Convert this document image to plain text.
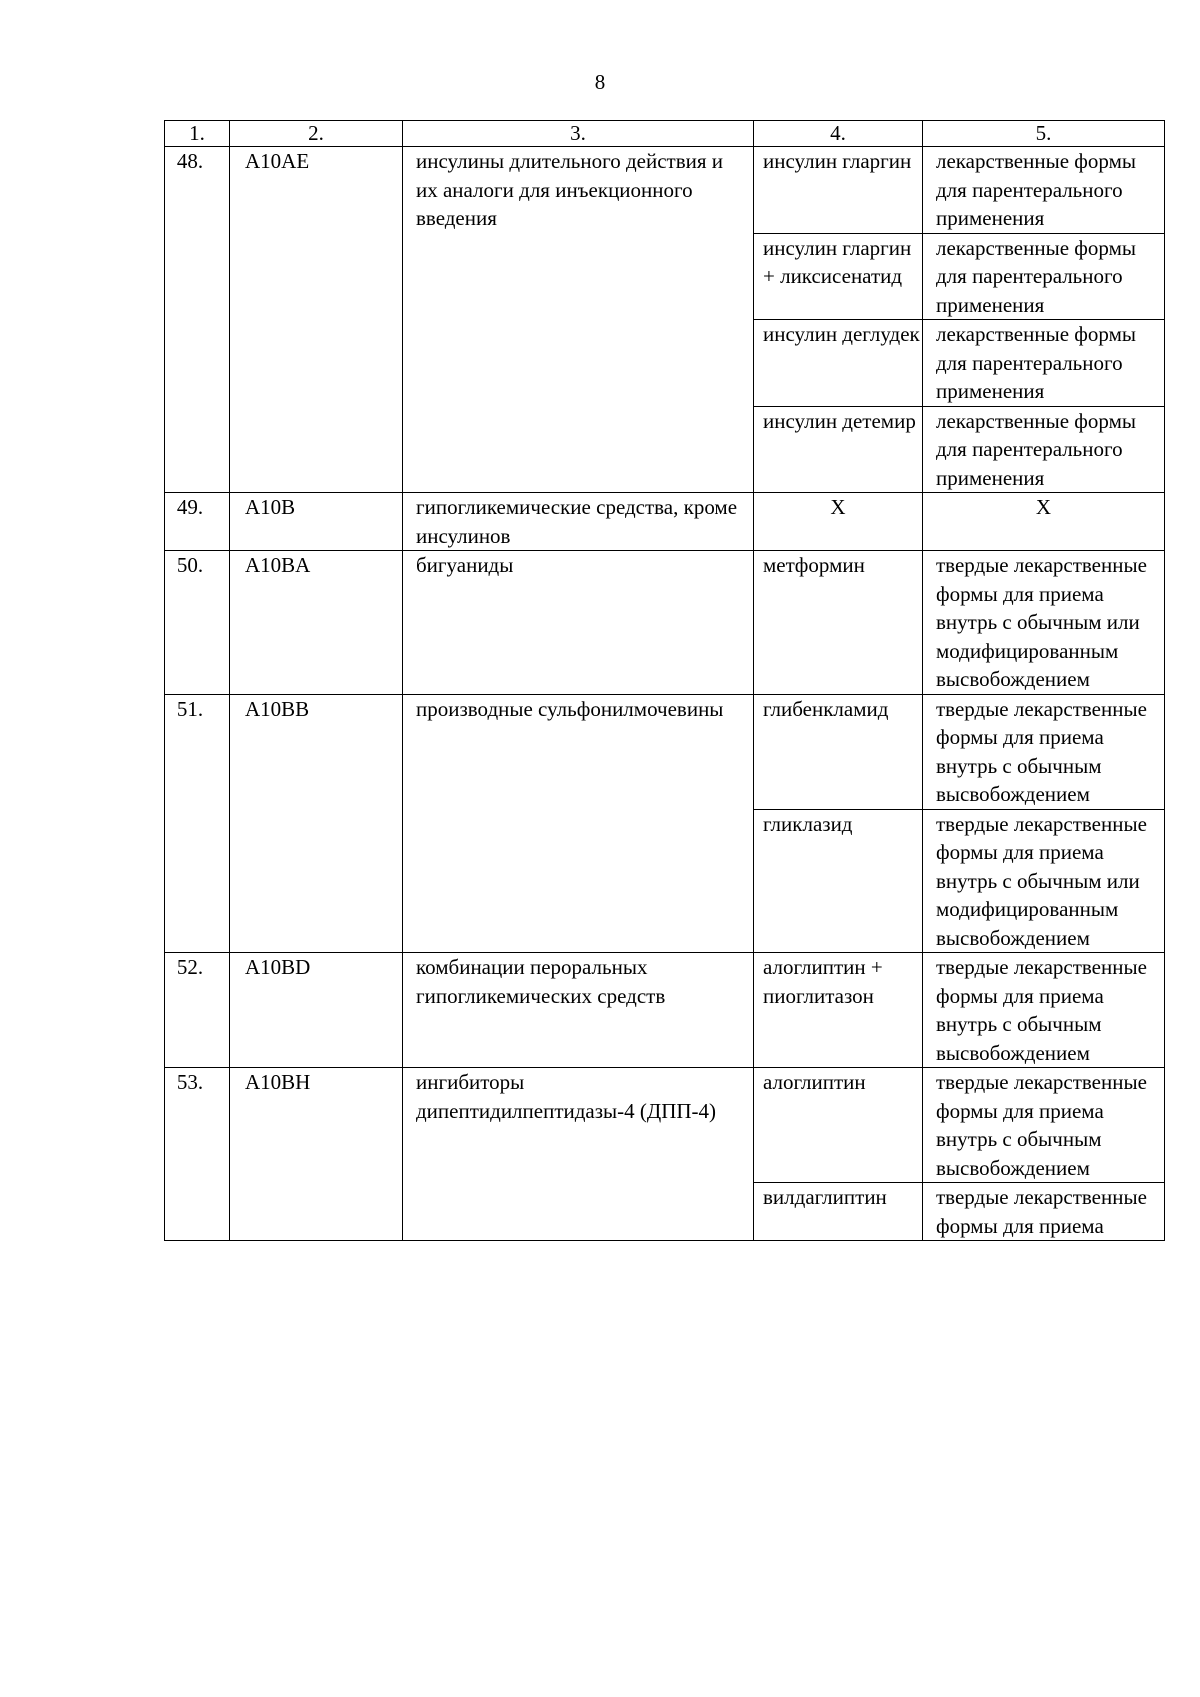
8
1.	2.	3.	4.	5.
48.	A10AE	инсулины длительного действия и их аналоги для инъекционного введения	инсулин гларгин	лекарственные формы для парентерального применения
			инсулин гларгин + ликсисенатид	лекарственные формы для парентерального применения
			инсулин деглудек	лекарственные формы для парентерального применения
			инсулин детемир	лекарственные формы для парентерального применения
49.	A10B	гипогликемические средства, кроме инсулинов	X	X
50.	A10BA	бигуаниды	метформин	твердые лекарственные формы для приема внутрь с обычным или модифицированным высвобождением
51.	A10BB	производные сульфонилмочевины	глибенкламид	твердые лекарственные формы для приема внутрь с обычным высвобождением
			гликлазид	твердые лекарственные формы для приема внутрь с обычным или модифицированным высвобождением
52.	A10BD	комбинации пероральных гипогликемических средств	алоглиптин + пиоглитазон	твердые лекарственные формы для приема внутрь с обычным высвобождением
53.	A10BH	ингибиторы дипептидилпептидазы-4 (ДПП-4)	алоглиптин	твердые лекарственные формы для приема внутрь с обычным высвобождением
			вилдаглиптин	твердые лекарственные формы для приема
